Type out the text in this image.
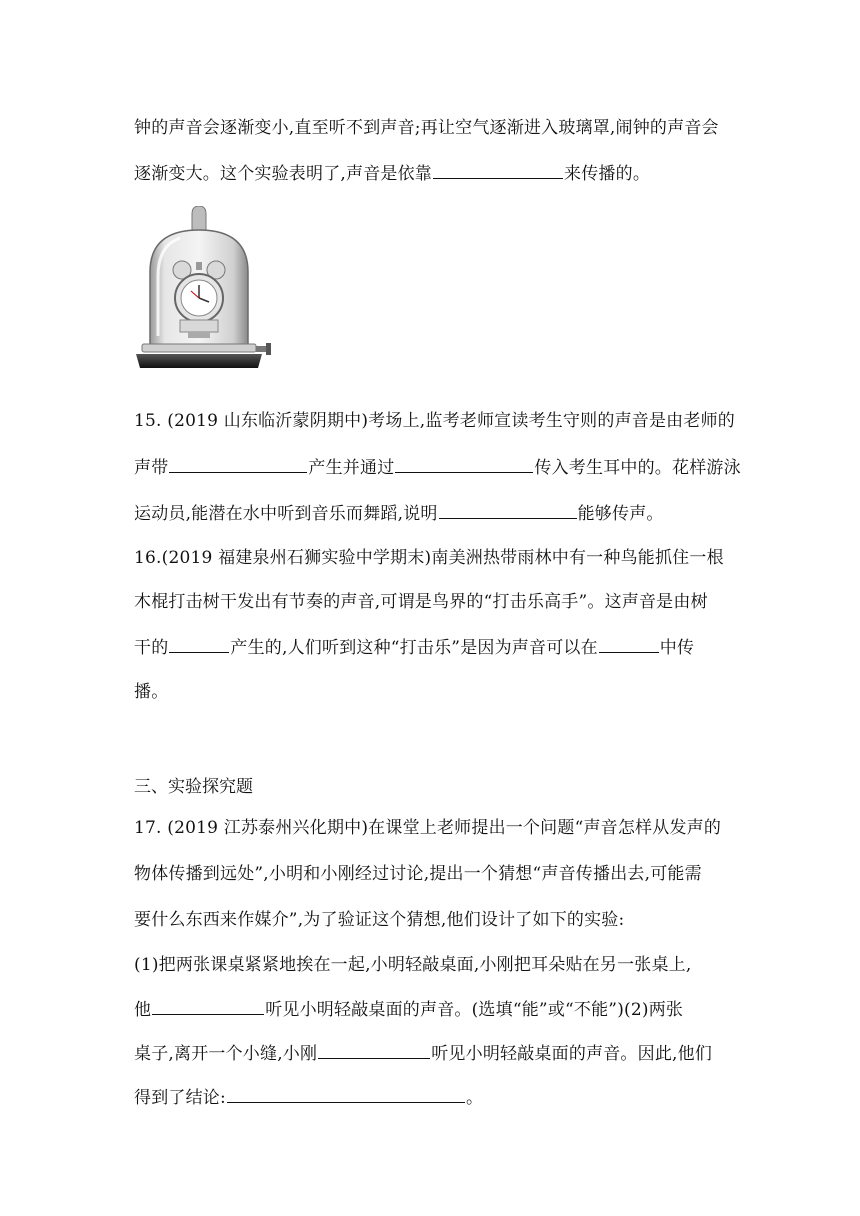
钟的声音会逐渐变小,直至听不到声音;再让空气逐渐进入玻璃罩,闹钟的声音会
逐渐变大。这个实验表明了,声音是依靠	来传播的。
15. (2019 山东临沂蒙阴期中)考场上,监考老师宣读考生守则的声音是由老师的
声带	产生并通过	传入考生耳中的。花样游泳
运动员,能潜在水中听到音乐而舞蹈,说明	能够传声。
16.(2019 福建泉州石狮实验中学期末)南美洲热带雨林中有一种鸟能抓住一根
木棍打击树干发出有节奏的声音,可谓是鸟界的“打击乐高手”。这声音是由树
干的	产生的,人们听到这种“打击乐”是因为声音可以在	中传
播。
三、实验探究题
17. (2019 江苏泰州兴化期中)在课堂上老师提出一个问题“声音怎样从发声的
物体传播到远处”,小明和小刚经过讨论,提出一个猜想“声音传播出去,可能需
要什么东西来作媒介”,为了验证这个猜想,他们设计了如下的实验:
(1)把两张课桌紧紧地挨在一起,小明轻敲桌面,小刚把耳朵贴在另一张桌上,
他	听见小明轻敲桌面的声音。(选填“能”或“不能”)(2)两张
桌子,离开一个小缝,小刚	听见小明轻敲桌面的声音。因此,他们
得到了结论:	。
